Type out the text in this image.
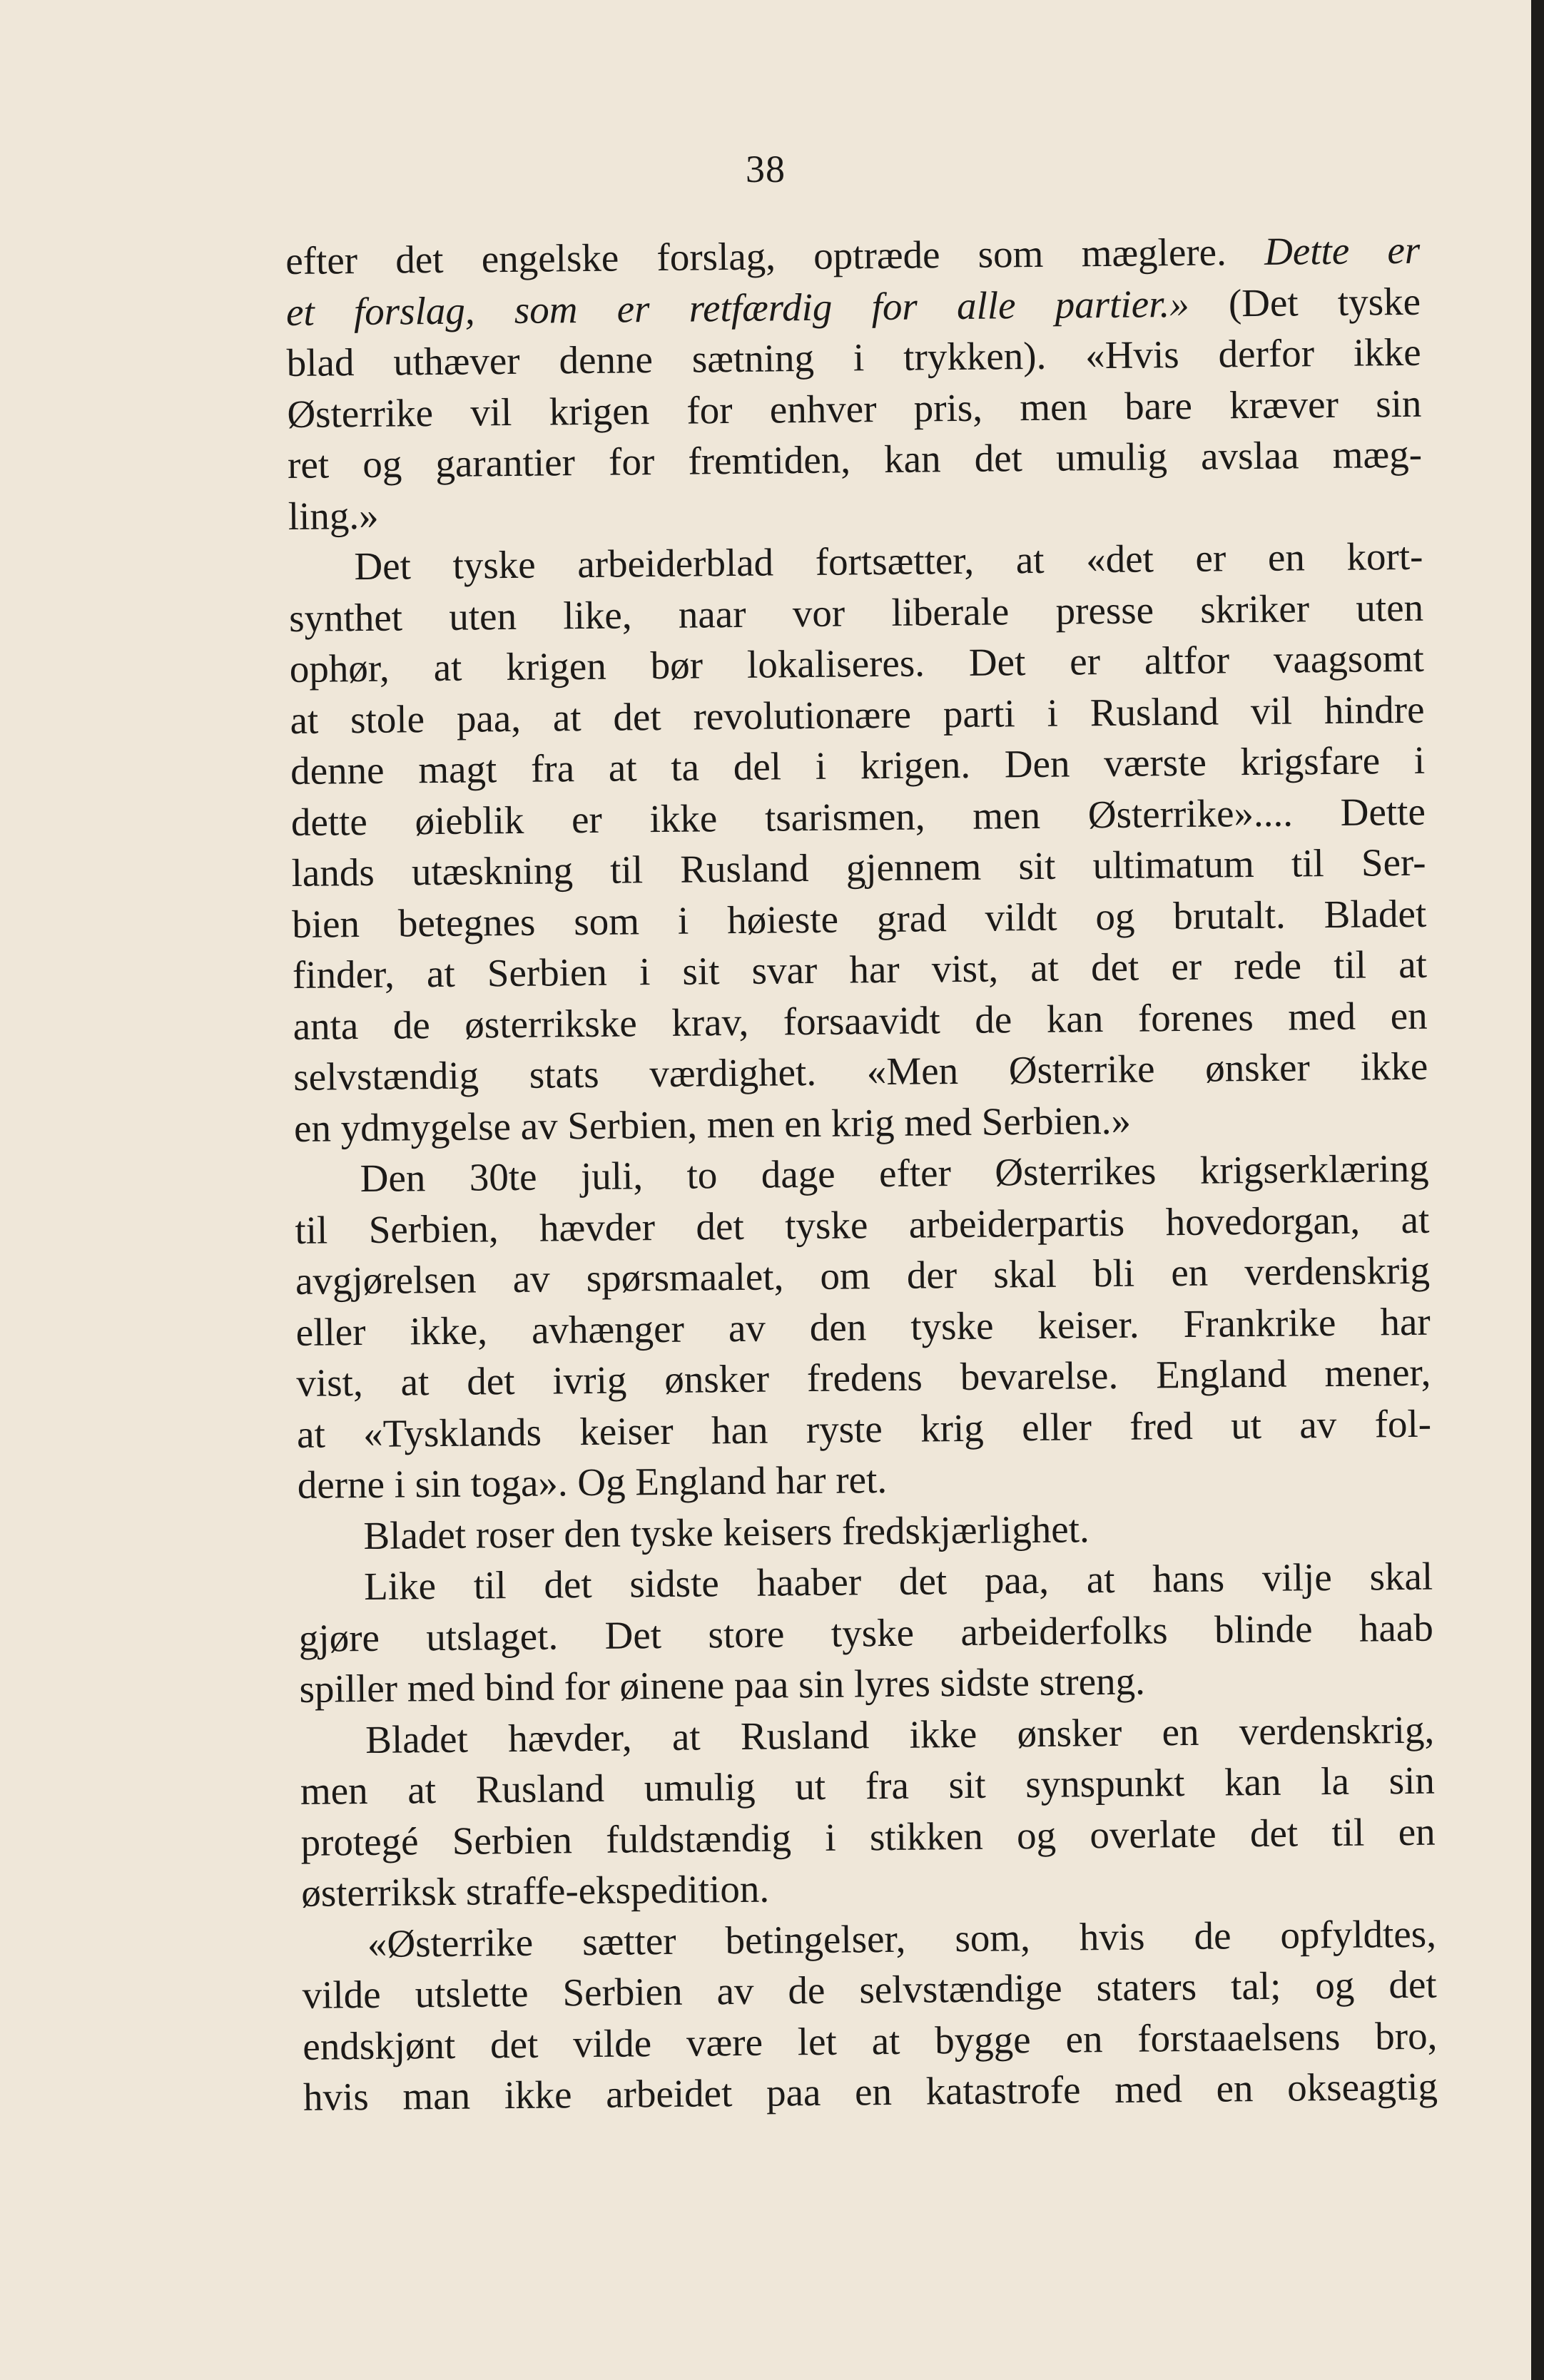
38
efter det engelske forslag, optræde som mæglere. Dette er
et forslag, som er retfærdig for alle partier.» (Det tyske
blad uthæver denne sætning i trykken). «Hvis derfor ikke
Østerrike vil krigen for enhver pris, men bare kræver sin
ret og garantier for fremtiden, kan det umulig avslaa mæg-
ling.»
Det tyske arbeiderblad fortsætter, at «det er en kort-
synthet uten like, naar vor liberale presse skriker uten
ophør, at krigen bør lokaliseres. Det er altfor vaagsomt
at stole paa, at det revolutionære parti i Rusland vil hindre
denne magt fra at ta del i krigen. Den værste krigsfare i
dette øieblik er ikke tsarismen, men Østerrike».... Dette
lands utæskning til Rusland gjennem sit ultimatum til Ser-
bien betegnes som i høieste grad vildt og brutalt. Bladet
finder, at Serbien i sit svar har vist, at det er rede til at
anta de østerrikske krav, forsaavidt de kan forenes med en
selvstændig stats værdighet. «Men Østerrike ønsker ikke
en ydmygelse av Serbien, men en krig med Serbien.»
Den 30te juli, to dage efter Østerrikes krigserklæring
til Serbien, hævder det tyske arbeiderpartis hovedorgan, at
avgjørelsen av spørsmaalet, om der skal bli en verdenskrig
eller ikke, avhænger av den tyske keiser. Frankrike har
vist, at det ivrig ønsker fredens bevarelse. England mener,
at «Tysklands keiser han ryste krig eller fred ut av fol-
derne i sin toga». Og England har ret.
Bladet roser den tyske keisers fredskjærlighet.
Like til det sidste haaber det paa, at hans vilje skal
gjøre utslaget. Det store tyske arbeiderfolks blinde haab
spiller med bind for øinene paa sin lyres sidste streng.
Bladet hævder, at Rusland ikke ønsker en verdenskrig,
men at Rusland umulig ut fra sit synspunkt kan la sin
protegé Serbien fuldstændig i stikken og overlate det til en
østerriksk straffe-ekspedition.
«Østerrike sætter betingelser, som, hvis de opfyldtes,
vilde utslette Serbien av de selvstændige staters tal; og det
endskjønt det vilde være let at bygge en forstaaelsens bro,
hvis man ikke arbeidet paa en katastrofe med en okseagtig
